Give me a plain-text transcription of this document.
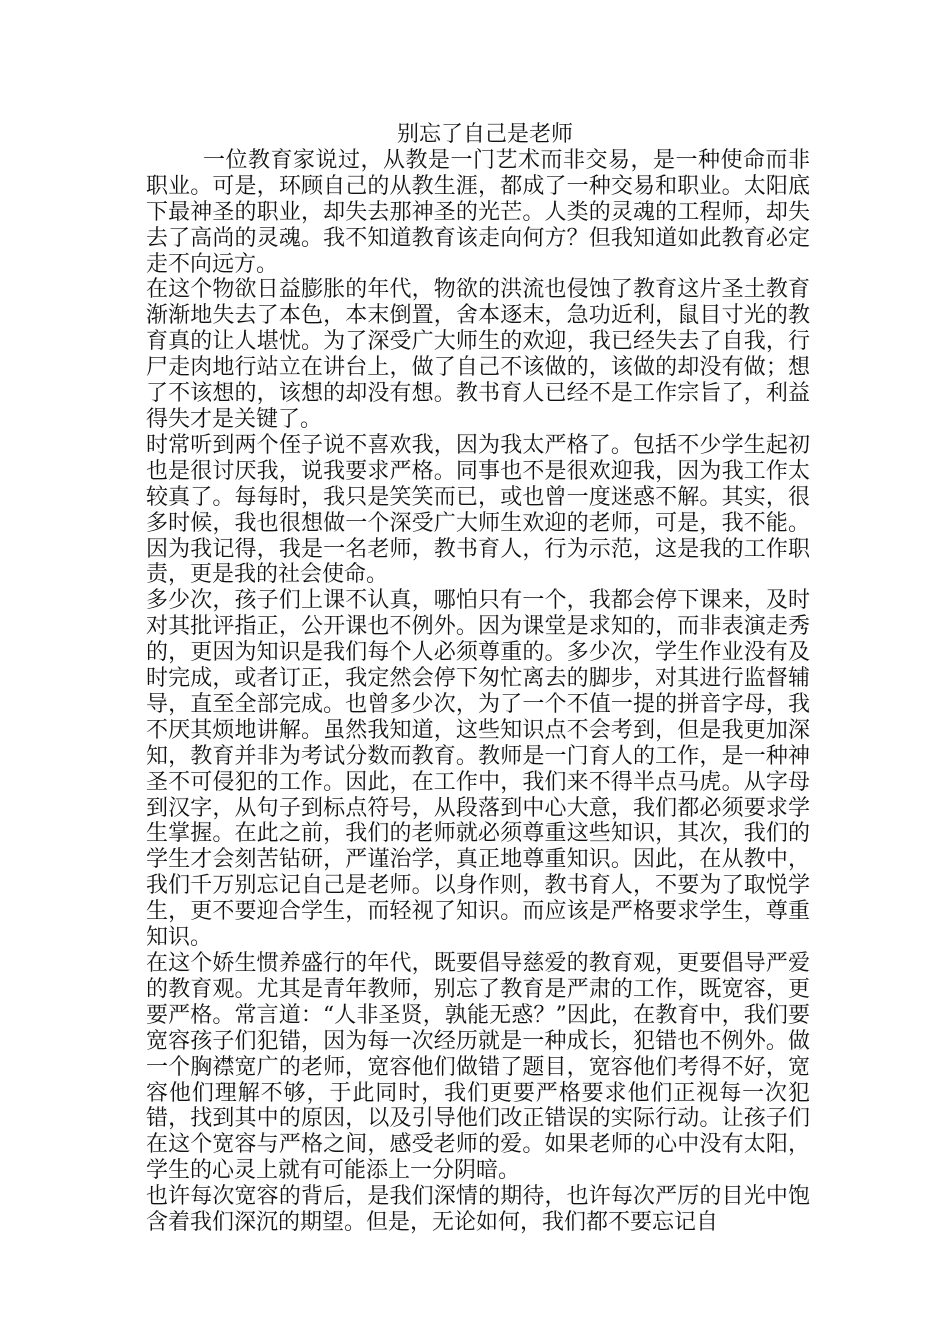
别忘了自己是老师

一位教育家说过，从教是一门艺术而非交易，是一种使命而非职业。可是，环顾自己的从教生涯，都成了一种交易和职业。太阳底下最神圣的职业，却失去那神圣的光芒。人类的灵魂的工程师，却失去了高尚的灵魂。我不知道教育该走向何方？但我知道如此教育必定走不向远方。

在这个物欲日益膨胀的年代，物欲的洪流也侵蚀了教育这片圣土教育渐渐地失去了本色，本末倒置，舍本逐末，急功近利，鼠目寸光的教育真的让人堪忧。为了深受广大师生的欢迎，我已经失去了自我，行尸走肉地行站立在讲台上，做了自己不该做的，该做的却没有做；想了不该想的，该想的却没有想。教书育人已经不是工作宗旨了，利益得失才是关键了。

时常听到两个侄子说不喜欢我，因为我太严格了。包括不少学生起初也是很讨厌我，说我要求严格。同事也不是很欢迎我，因为我工作太较真了。每每时，我只是笑笑而已，或也曾一度迷惑不解。其实，很多时候，我也很想做一个深受广大师生欢迎的老师，可是，我不能。因为我记得，我是一名老师，教书育人，行为示范，这是我的工作职责，更是我的社会使命。

多少次，孩子们上课不认真，哪怕只有一个，我都会停下课来，及时对其批评指正，公开课也不例外。因为课堂是求知的，而非表演走秀的，更因为知识是我们每个人必须尊重的。多少次，学生作业没有及时完成，或者订正，我定然会停下匆忙离去的脚步，对其进行监督辅导，直至全部完成。也曾多少次，为了一个不值一提的拼音字母，我不厌其烦地讲解。虽然我知道，这些知识点不会考到，但是我更加深知，教育并非为考试分数而教育。教师是一门育人的工作，是一种神圣不可侵犯的工作。因此，在工作中，我们来不得半点马虎。从字母到汉字，从句子到标点符号，从段落到中心大意，我们都必须要求学生掌握。在此之前，我们的老师就必须尊重这些知识，其次，我们的学生才会刻苦钻研，严谨治学，真正地尊重知识。因此，在从教中，我们千万别忘记自己是老师。以身作则，教书育人，不要为了取悦学生，更不要迎合学生，而轻视了知识。而应该是严格要求学生，尊重知识。

在这个娇生惯养盛行的年代，既要倡导慈爱的教育观，更要倡导严爱的教育观。尤其是青年教师，别忘了教育是严肃的工作，既宽容，更要严格。常言道：“人非圣贤，孰能无惑？”因此，在教育中，我们要宽容孩子们犯错，因为每一次经历就是一种成长，犯错也不例外。做一个胸襟宽广的老师，宽容他们做错了题目，宽容他们考得不好，宽容他们理解不够，于此同时，我们更要严格要求他们正视每一次犯错，找到其中的原因，以及引导他们改正错误的实际行动。让孩子们在这个宽容与严格之间，感受老师的爱。如果老师的心中没有太阳，学生的心灵上就有可能添上一分阴暗。

也许每次宽容的背后，是我们深情的期待，也许每次严厉的目光中饱含着我们深沉的期望。但是，无论如何，我们都不要忘记自
